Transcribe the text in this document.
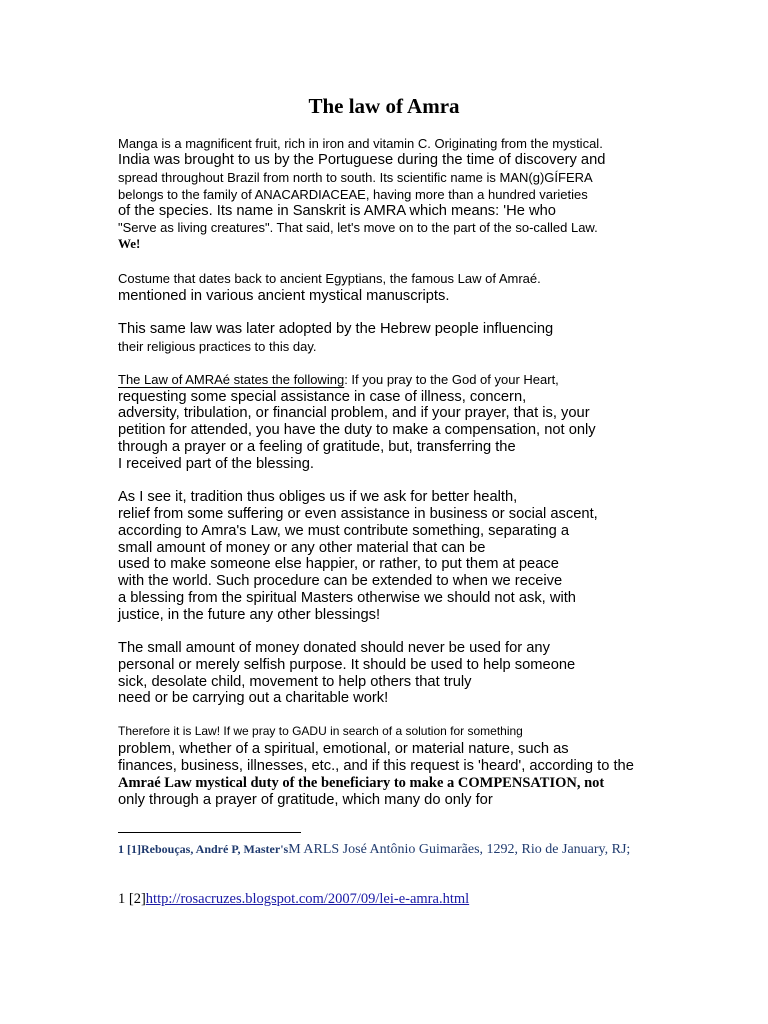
The law of Amra
Manga is a magnificent fruit, rich in iron and vitamin C. Originating from the mystical.
India was brought to us by the Portuguese during the time of discovery and
spread throughout Brazil from north to south. Its scientific name is MAN(g)GÍFERA
belongs to the family of ANACARDIACEAE, having more than a hundred varieties
of the species. Its name in Sanskrit is AMRA which means: 'He who
"Serve as living creatures". That said, let's move on to the part of the so-called Law.
We!
Costume that dates back to ancient Egyptians, the famous Law of Amraé.
mentioned in various ancient mystical manuscripts.
This same law was later adopted by the Hebrew people influencing
their religious practices to this day.
The Law of AMRAé states the following: If you pray to the God of your Heart,
requesting some special assistance in case of illness, concern,
adversity, tribulation, or financial problem, and if your prayer, that is, your
petition for attended, you have the duty to make a compensation, not only
through a prayer or a feeling of gratitude, but, transferring the
I received part of the blessing.
As I see it, tradition thus obliges us if we ask for better health,
relief from some suffering or even assistance in business or social ascent,
according to Amra's Law, we must contribute something, separating a
small amount of money or any other material that can be
used to make someone else happier, or rather, to put them at peace
with the world. Such procedure can be extended to when we receive
a blessing from the spiritual Masters otherwise we should not ask, with
justice, in the future any other blessings!
The small amount of money donated should never be used for any
personal or merely selfish purpose. It should be used to help someone
sick, desolate child, movement to help others that truly
need or be carrying out a charitable work!
Therefore it is Law! If we pray to GADU in search of a solution for something
problem, whether of a spiritual, emotional, or material nature, such as
finances, business, illnesses, etc., and if this request is 'heard', according to the
Amraé Law mystical duty of the beneficiary to make a COMPENSATION, not
only through a prayer of gratitude, which many do only for
1 [1]Rebouças, André P, Master'sM ARLS José Antônio Guimarães, 1292, Rio de January, RJ;
1 [2]http://rosacruzes.blogspot.com/2007/09/lei-e-amra.html
